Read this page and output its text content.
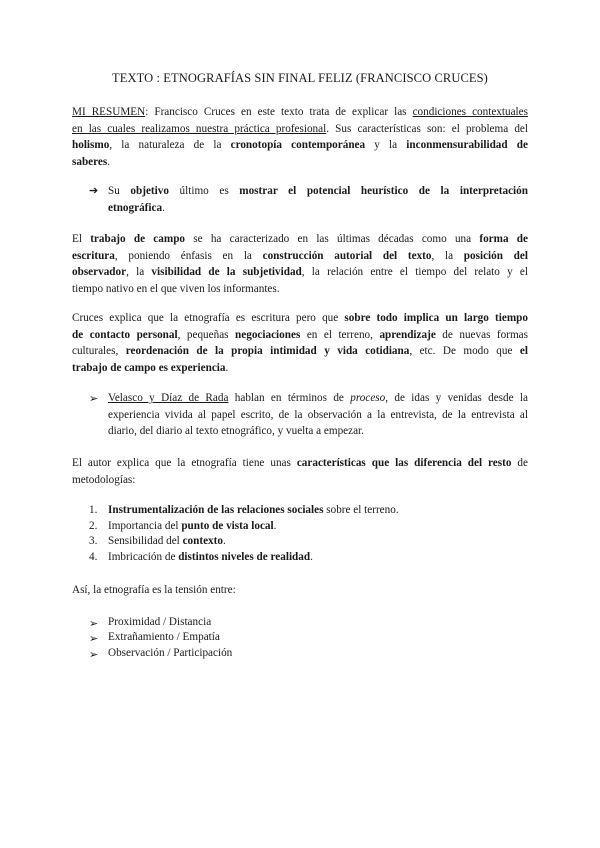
TEXTO : ETNOGRAFÍAS SIN FINAL FELIZ (FRANCISCO CRUCES)
MI RESUMEN: Francisco Cruces en este texto trata de explicar las condiciones contextuales
en las cuales realizamos nuestra práctica profesional. Sus características son: el problema del
holismo, la naturaleza de la cronotopía contemporánea y la inconmensurabilidad de
saberes.
➔ Su objetivo último es mostrar el potencial heurístico de la interpretación
etnográfica.
El trabajo de campo se ha caracterizado en las últimas décadas como una forma de
escritura, poniendo énfasis en la construcción autorial del texto, la posición del
observador, la visibilidad de la subjetividad, la relación entre el tiempo del relato y el
tiempo nativo en el que viven los informantes.
Cruces explica que la etnografía es escritura pero que sobre todo implica un largo tiempo
de contacto personal, pequeñas negociaciones en el terreno, aprendizaje de nuevas formas
culturales, reordenación de la propia intimidad y vida cotidiana, etc. De modo que el
trabajo de campo es experiencia.
➢ Velasco y Díaz de Rada hablan en términos de proceso, de idas y venidas desde la
experiencia vivida al papel escrito, de la observación a la entrevista, de la entrevista al
diario, del diario al texto etnográfico, y vuelta a empezar.
El autor explica que la etnografía tiene unas características que las diferencia del resto de
metodologías:
1. Instrumentalización de las relaciones sociales sobre el terreno.
2. Importancia del punto de vista local.
3. Sensibilidad del contexto.
4. Imbricación de distintos niveles de realidad.
Así, la etnografía es la tensión entre:
➢ Proximidad / Distancia
➢ Extrañamiento / Empatía
➢ Observación / Participación
